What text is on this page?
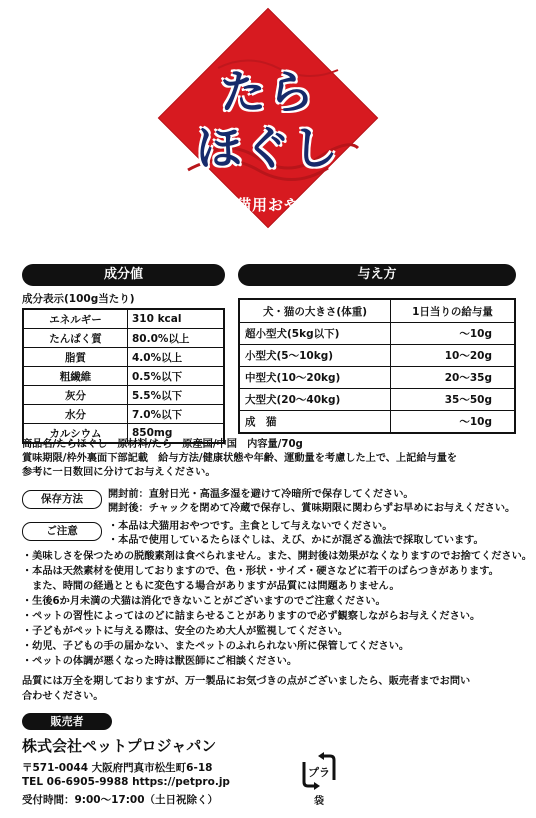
たら
ほぐし
犬猫用おやつ
成分値
成分表示(100g当たり)
エネルギー	310 kcal
たんぱく質	80.0%以上
脂質	4.0%以上
粗繊維	0.5%以下
灰分	5.5%以下
水分	7.0%以下
カルシウム	850mg
与え方
犬・猫の大きさ(体重)	1日当りの給与量
超小型犬(5kg以下)	～10g
小型犬(5～10kg)	10～20g
中型犬(10～20kg)	20～35g
大型犬(20～40kg)	35～50g
成　猫	～10g
商品名/たらほぐし　原材料/たら　原産国/中国　内容量/70g
賞味期限/枠外裏面下部記載　給与方法/健康状態や年齢、運動量を考慮した上で、上記給与量を
参考に一日数回に分けてお与えください。
保存方法	開封前：直射日光・高温多湿を避けて冷暗所で保存してください。
開封後：チャックを閉めて冷蔵で保存し、賞味期限に関わらずお早めにお与えください。
ご注意	・本品は犬猫用おやつです。主食として与えないでください。
・本品で使用しているたらほぐしは、えび、かにが混ざる漁法で採取しています。
・美味しさを保つための脱酸素剤は食べられません。また、開封後は効果がなくなりますのでお捨てください。
・本品は天然素材を使用しておりますので、色・形状・サイズ・硬さなどに若干のばらつきがあります。
　また、時間の経過とともに変色する場合がありますが品質には問題ありません。
・生後6か月未満の犬猫は消化できないことがございますのでご注意ください。
・ペットの習性によってはのどに詰まらせることがありますので必ず観察しながらお与えください。
・子どもがペットに与える際は、安全のため大人が監視してください。
・幼児、子どもの手の届かない、またペットのふれられない所に保管してください。
・ペットの体調が悪くなった時は獣医師にご相談ください。
品質には万全を期しておりますが、万一製品にお気づきの点がございましたら、販売者までお問い
合わせください。
販売者
株式会社ペットプロジャパン
〒571-0044 大阪府門真市松生町6-18
TEL 06-6905-9988 https://petpro.jp
受付時間：9:00～17:00（土日祝除く）
プラ
袋
